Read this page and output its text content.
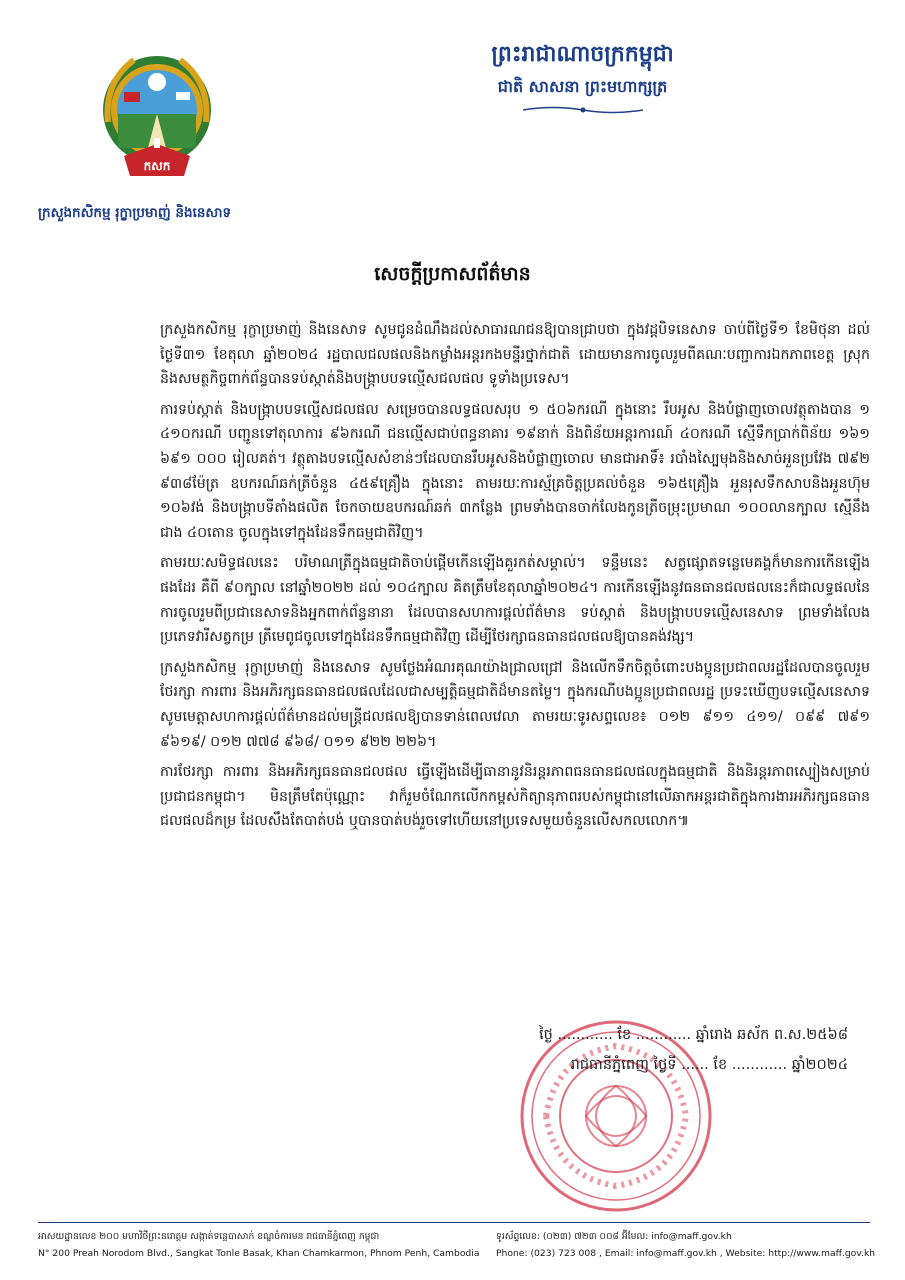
កសក
ក្រសួងកសិកម្ម រុក្ខាប្រមាញ់ និងនេសាទ
ព្រះរាជាណាចក្រកម្ពុជា
ជាតិ សាសនា ព្រះមហាក្សត្រ
សេចក្ដីប្រកាសព័ត៌មាន

ក្រសួងកសិកម្ម រុក្ខាប្រមាញ់ និងនេសាទ សូមជូនដំណឹងដល់សាធារណជនឱ្យបានជ្រាបថា ក្នុងវដ្តបិទនេសាទ ចាប់ពីថ្ងៃទី១ ខែមិថុនា ដល់ថ្ងៃទី៣១ ខែតុលា ឆ្នាំ២០២៤ រដ្ឋបាលជលផលនិងកម្លាំងអន្តរកងមន្ទីរថ្នាក់ជាតិ ដោយមានការចូលរួមពីគណៈបញ្ជាការឯកភាពខេត្ត ស្រុក និងសមត្ថកិច្ចពាក់ព័ន្ធបានទប់ស្កាត់និងបង្ក្រាបបទល្មើសជលផល ទូទាំងប្រទេស។

ការទប់ស្កាត់ និងបង្ក្រាបបទល្មើសជលផល សម្រេចបានលទ្ធផលសរុប ១ ៥០៦ករណី ក្នុងនោះ រឹបអូស និងបំផ្លាញចោលវត្ថុតាងបាន ១ ៤១០ករណី បញ្ជូនទៅតុលាការ ៩៦ករណី ជនល្មើសជាប់ពន្ធនាគារ ១៩នាក់ និងពិន័យអន្តរការណ៍ ៤០ករណី ស្មើទឹកប្រាក់ពិន័យ ១៦១ ៦៩១ ០០០ រៀលគត់។ វត្ថុតាងបទល្មើសសំខាន់ៗដែលបានរឹបអូសនិងបំផ្លាញចោល មានជាអាទិ៍៖ របាំងស្បៃមុងនិងសាច់អួនប្រវែង ៧៩២ ៩៣៨ម៉ែត្រ ឧបករណ៍ឆក់ត្រីចំនួន ៤៥៩គ្រឿង ក្នុងនោះ តាមរយៈការស្ម័គ្រចិត្តប្រគល់ចំនួន ១៦៥គ្រឿង អួនរុសទឹកសាបនិងអួនហ៊ុម ១០៦វង់ និងបង្ក្រាបទីតាំងផលិត ចែកចាយឧបករណ៍ឆក់ ៣កន្លែង ព្រមទាំងបានចាក់លែងកូនត្រីចម្រុះប្រមាណ ១០០លានក្បាល ស្មើនឹងជាង ៤០តោន ចូលក្នុងទៅក្នុងដែនទឹកធម្មជាតិវិញ។

តាមរយៈសមិទ្ធផលនេះ បរិមាណត្រីក្នុងធម្មជាតិចាប់ផ្ដើមកើនឡើងគួរកត់សម្គាល់។ ទន្ទឹមនេះ សត្វផ្សោតទន្លេមេគង្គក៏មានការកើនឡើងផងដែរ គឺពី ៩០ក្បាល នៅឆ្នាំ២០២២ ដល់ ១០៤ក្បាល គិតត្រឹមខែតុលាឆ្នាំ២០២៤។ ការកើនឡើងនូវធនធានជលផលនេះក៏ជាលទ្ធផលនៃការចូលរួមពីប្រជានេសាទនិងអ្នកពាក់ព័ន្ធនានា ដែលបានសហការផ្ដល់ព័ត៌មាន ទប់ស្កាត់ និងបង្ក្រាបបទល្មើសនេសាទ ព្រមទាំងលែងប្រភេទវារីសត្វកម្រ ត្រីមេពូជចូលទៅក្នុងដែនទឹកធម្មជាតិវិញ ដើម្បីថែរក្សាធនធានជលផលឱ្យបានគង់វង្ស។

ក្រសួងកសិកម្ម រុក្ខាប្រមាញ់ និងនេសាទ សូមថ្លែងអំណរគុណយ៉ាងជ្រាលជ្រៅ និងលើកទឹកចិត្តចំពោះបងប្អូនប្រជាពលរដ្ឋដែលបានចូលរួមថែរក្សា ការពារ និងអភិរក្សធនធានជលផលដែលជាសម្បត្តិធម្មជាតិដ៏មានតម្លៃ។ ក្នុងករណីបងប្អូនប្រជាពលរដ្ឋ ប្រទះឃើញបទល្មើសនេសាទ សូមមេត្តាសហការផ្ដល់ព័ត៌មានដល់មន្ត្រីជលផលឱ្យបានទាន់ពេលវេលា តាមរយៈទូរសព្ទលេខ៖ ០១២ ៩១១ ៤១១/ ០៩៩ ៧៩១ ៩៦១៩/ ០១២ ៧៧៨ ៩៦៨/ ០១១ ៩២២ ២២៦។

ការថែរក្សា ការពារ និងអភិរក្សធនធានជលផល ធ្វើឡើងដើម្បីធានានូវនិរន្តរភាពធនធានជលផលក្នុងធម្មជាតិ និងនិរន្តរភាពស្បៀងសម្រាប់ប្រជាជនកម្ពុជា។ មិនត្រឹមតែប៉ុណ្ណោះ វាក៏រួមចំណែកលើកកម្ពស់កិត្យានុភាពរបស់កម្ពុជានៅលើឆាកអន្តរជាតិក្នុងការងារអភិរក្សធនធានជលផលដ៏កម្រ ដែលសឹងតែបាត់បង់ ឬបានបាត់បង់រួចទៅហើយនៅប្រទេសមួយចំនួនលើសកលលោក៕

ថ្ងៃ ............ ខែ ............ ឆ្នាំរោង ឆស័ក ព.ស.២៥៦៨
រាជធានីភ្នំពេញ ថ្ងៃទី ...... ខែ ............ ឆ្នាំ២០២៤
អាសយដ្ឋានលេខ ២០០ មហាវិថីព្រះនរោត្តម សង្កាត់ទន្លេបាសាក់ ខណ្ឌចំការមន រាជធានីភ្នំពេញ កម្ពុជា
N° 200 Preah Norodom Blvd., Sangkat Tonle Basak, Khan Chamkarmon, Phnom Penh, Cambodia
ទូរស័ព្ទលេខ: (០២៣) ៧២៣ ០០៨ អ៊ីមែល: info@maff.gov.kh
Phone: (023) 723 008 , Email: info@maff.gov.kh , Website: http://www.maff.gov.kh
